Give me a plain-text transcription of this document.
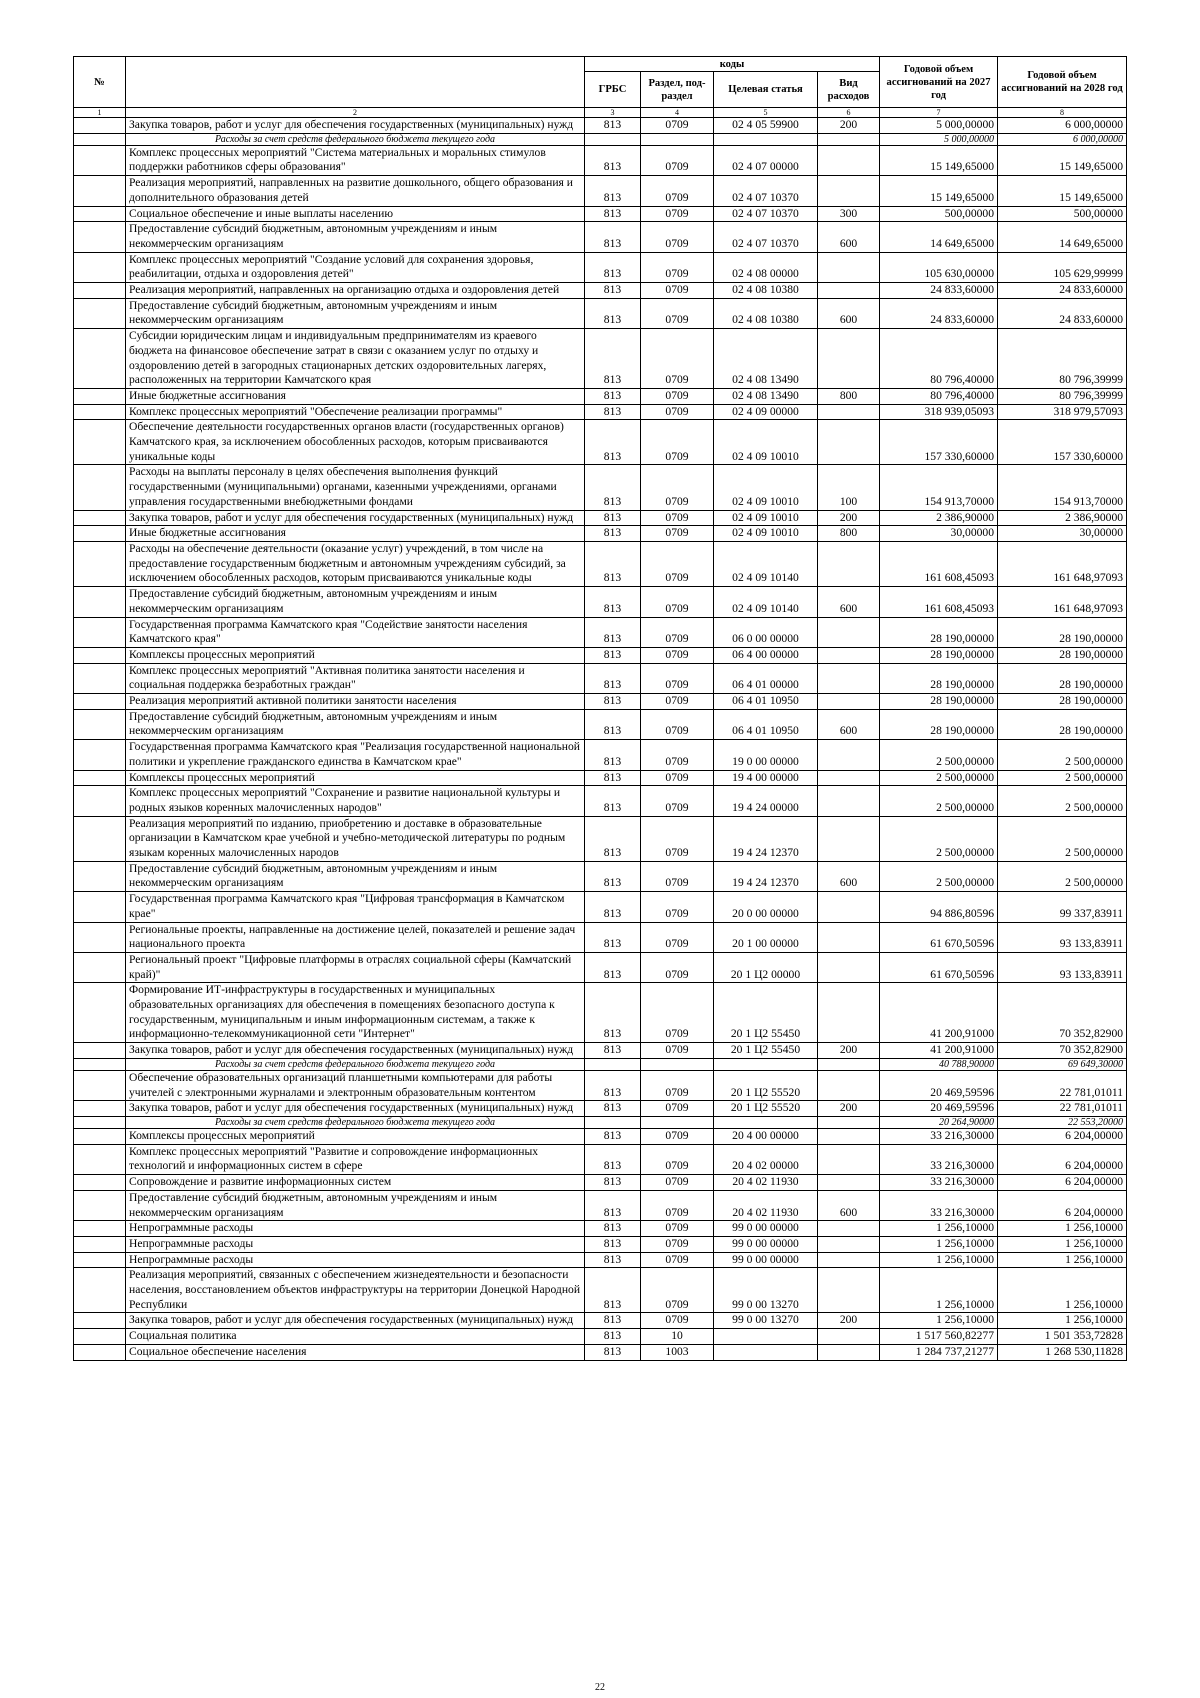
№		коды				Годовой объем ассигнований на 2027 год	Годовой объем ассигнований на 2028 год
		ГРБС	Раздел, под-раздел	Целевая статья	Вид расходов		
1	2	3	4	5	6	7	8
	Закупка товаров, работ и услуг для обеспечения государственных (муниципальных) нужд	813	0709	02 4 05 59900	200	5 000,00000	6 000,00000
	Расходы за счет средств федерального бюджета текущего года					5 000,00000	6 000,00000
	Комплекс процессных мероприятий "Система материальных и моральных стимулов поддержки работников сферы образования"	813	0709	02 4 07 00000		15 149,65000	15 149,65000
	Реализация мероприятий, направленных на развитие дошкольного, общего образования и дополнительного образования детей	813	0709	02 4 07 10370		15 149,65000	15 149,65000
	Социальное обеспечение и иные выплаты населению	813	0709	02 4 07 10370	300	500,00000	500,00000
	Предоставление субсидий бюджетным, автономным учреждениям и иным некоммерческим организациям	813	0709	02 4 07 10370	600	14 649,65000	14 649,65000
	Комплекс процессных мероприятий "Создание условий для сохранения здоровья, реабилитации, отдыха и оздоровления детей"	813	0709	02 4 08 00000		105 630,00000	105 629,99999
	Реализация мероприятий, направленных на организацию отдыха и оздоровления детей	813	0709	02 4 08 10380		24 833,60000	24 833,60000
	Предоставление субсидий бюджетным, автономным учреждениям и иным некоммерческим организациям	813	0709	02 4 08 10380	600	24 833,60000	24 833,60000
	Субсидии юридическим лицам и индивидуальным предпринимателям из краевого бюджета на финансовое обеспечение затрат в связи с оказанием услуг по отдыху и оздоровлению детей в загородных стационарных детских оздоровительных лагерях, расположенных на территории Камчатского края	813	0709	02 4 08 13490		80 796,40000	80 796,39999
	Иные бюджетные ассигнования	813	0709	02 4 08 13490	800	80 796,40000	80 796,39999
	Комплекс процессных мероприятий "Обеспечение реализации программы"	813	0709	02 4 09 00000		318 939,05093	318 979,57093
	Обеспечение деятельности государственных органов власти (государственных органов) Камчатского края, за исключением обособленных расходов, которым присваиваются уникальные коды	813	0709	02 4 09 10010		157 330,60000	157 330,60000
	Расходы на выплаты персоналу в целях обеспечения выполнения функций государственными (муниципальными) органами, казенными учреждениями, органами управления государственными внебюджетными фондами	813	0709	02 4 09 10010	100	154 913,70000	154 913,70000
	Закупка товаров, работ и услуг для обеспечения государственных (муниципальных) нужд	813	0709	02 4 09 10010	200	2 386,90000	2 386,90000
	Иные бюджетные ассигнования	813	0709	02 4 09 10010	800	30,00000	30,00000
	Расходы на обеспечение деятельности (оказание услуг) учреждений, в том числе на предоставление государственным бюджетным и автономным учреждениям субсидий, за исключением обособленных расходов, которым присваиваются уникальные коды	813	0709	02 4 09 10140		161 608,45093	161 648,97093
	Предоставление субсидий бюджетным, автономным учреждениям и иным некоммерческим организациям	813	0709	02 4 09 10140	600	161 608,45093	161 648,97093
	Государственная программа Камчатского края "Содействие занятости населения Камчатского края"	813	0709	06 0 00 00000		28 190,00000	28 190,00000
	Комплексы процессных мероприятий	813	0709	06 4 00 00000		28 190,00000	28 190,00000
	Комплекс процессных мероприятий "Активная политика занятости населения и социальная поддержка безработных граждан"	813	0709	06 4 01 00000		28 190,00000	28 190,00000
	Реализация мероприятий активной политики занятости населения	813	0709	06 4 01 10950		28 190,00000	28 190,00000
	Предоставление субсидий бюджетным, автономным учреждениям и иным некоммерческим организациям	813	0709	06 4 01 10950	600	28 190,00000	28 190,00000
	Государственная программа Камчатского края "Реализация государственной национальной политики и укрепление гражданского единства в Камчатском крае"	813	0709	19 0 00 00000		2 500,00000	2 500,00000
	Комплексы процессных мероприятий	813	0709	19 4 00 00000		2 500,00000	2 500,00000
	Комплекс процессных мероприятий "Сохранение и развитие национальной культуры и родных языков коренных малочисленных народов"	813	0709	19 4 24 00000		2 500,00000	2 500,00000
	Реализация мероприятий по изданию, приобретению и доставке в образовательные организации в Камчатском крае учебной и учебно-методической литературы по родным языкам коренных малочисленных народов	813	0709	19 4 24 12370		2 500,00000	2 500,00000
	Предоставление субсидий бюджетным, автономным учреждениям и иным некоммерческим организациям	813	0709	19 4 24 12370	600	2 500,00000	2 500,00000
	Государственная программа Камчатского края "Цифровая трансформация в Камчатском крае"	813	0709	20 0 00 00000		94 886,80596	99 337,83911
	Региональные проекты, направленные на достижение целей, показателей и решение задач национального проекта	813	0709	20 1 00 00000		61 670,50596	93 133,83911
	Региональный проект "Цифровые платформы в отраслях социальной сферы (Камчатский край)"	813	0709	20 1 Ц2 00000		61 670,50596	93 133,83911
	Формирование ИТ-инфраструктуры в государственных и муниципальных образовательных организациях для обеспечения в помещениях безопасного доступа к государственным, муниципальным и иным информационным системам, а также к информационно-телекоммуникационной сети "Интернет"	813	0709	20 1 Ц2 55450		41 200,91000	70 352,82900
	Закупка товаров, работ и услуг для обеспечения государственных (муниципальных) нужд	813	0709	20 1 Ц2 55450	200	41 200,91000	70 352,82900
	Расходы за счет средств федерального бюджета текущего года					40 788,90000	69 649,30000
	Обеспечение образовательных организаций планшетными компьютерами для работы учителей с электронными журналами и электронным образовательным контентом	813	0709	20 1 Ц2 55520		20 469,59596	22 781,01011
	Закупка товаров, работ и услуг для обеспечения государственных (муниципальных) нужд	813	0709	20 1 Ц2 55520	200	20 469,59596	22 781,01011
	Расходы за счет средств федерального бюджета текущего года					20 264,90000	22 553,20000
	Комплексы процессных мероприятий	813	0709	20 4 00 00000		33 216,30000	6 204,00000
	Комплекс процессных мероприятий "Развитие и сопровождение информационных технологий и информационных систем в сфере	813	0709	20 4 02 00000		33 216,30000	6 204,00000
	Сопровождение и развитие информационных систем	813	0709	20 4 02 11930		33 216,30000	6 204,00000
	Предоставление субсидий бюджетным, автономным учреждениям и иным некоммерческим организациям	813	0709	20 4 02 11930	600	33 216,30000	6 204,00000
	Непрограммные расходы	813	0709	99 0 00 00000		1 256,10000	1 256,10000
	Непрограммные расходы	813	0709	99 0 00 00000		1 256,10000	1 256,10000
	Непрограммные расходы	813	0709	99 0 00 00000		1 256,10000	1 256,10000
	Реализация мероприятий, связанных с обеспечением жизнедеятельности и безопасности населения, восстановлением объектов инфраструктуры на территории Донецкой Народной Республики	813	0709	99 0 00 13270		1 256,10000	1 256,10000
	Закупка товаров, работ и услуг для обеспечения государственных (муниципальных) нужд	813	0709	99 0 00 13270	200	1 256,10000	1 256,10000
	Социальная политика	813	10			1 517 560,82277	1 501 353,72828
	Социальное обеспечение населения	813	1003			1 284 737,21277	1 268 530,11828
22
